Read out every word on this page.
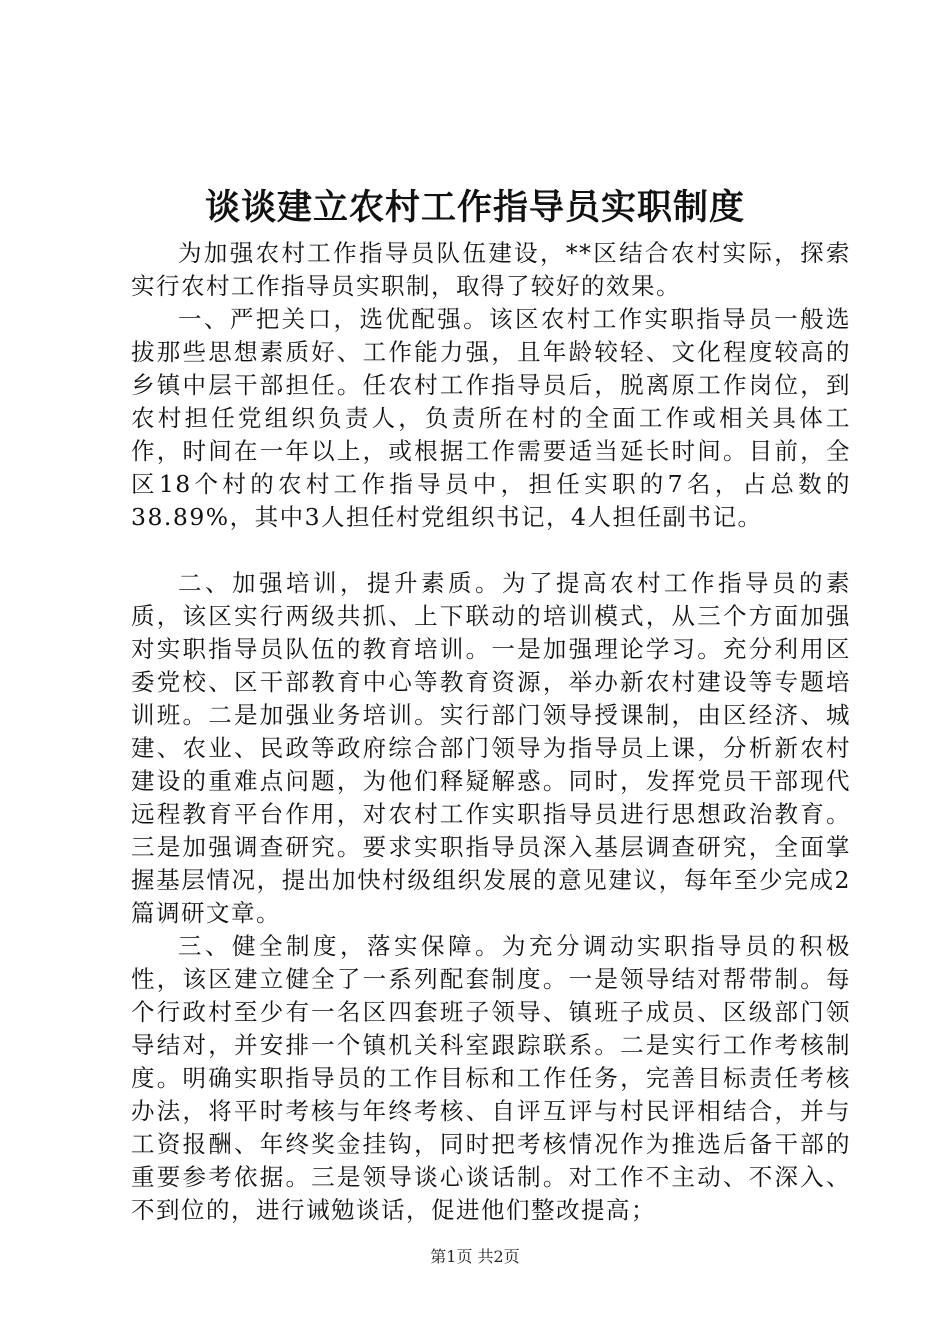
谈谈建立农村工作指导员实职制度

为加强农村工作指导员队伍建设，**区结合农村实际，探索实行农村工作指导员实职制，取得了较好的效果。

一、严把关口，选优配强。该区农村工作实职指导员一般选拔那些思想素质好、工作能力强，且年龄较轻、文化程度较高的乡镇中层干部担任。任农村工作指导员后，脱离原工作岗位，到农村担任党组织负责人，负责所在村的全面工作或相关具体工作，时间在一年以上，或根据工作需要适当延长时间。目前，全区18个村的农村工作指导员中，担任实职的7名，占总数的38.89%，其中3人担任村党组织书记，4人担任副书记。

二、加强培训，提升素质。为了提高农村工作指导员的素质，该区实行两级共抓、上下联动的培训模式，从三个方面加强对实职指导员队伍的教育培训。一是加强理论学习。充分利用区委党校、区干部教育中心等教育资源，举办新农村建设等专题培训班。二是加强业务培训。实行部门领导授课制，由区经济、城建、农业、民政等政府综合部门领导为指导员上课，分析新农村建设的重难点问题，为他们释疑解惑。同时，发挥党员干部现代远程教育平台作用，对农村工作实职指导员进行思想政治教育。三是加强调查研究。要求实职指导员深入基层调查研究，全面掌握基层情况，提出加快村级组织发展的意见建议，每年至少完成2篇调研文章。

三、健全制度，落实保障。为充分调动实职指导员的积极性，该区建立健全了一系列配套制度。一是领导结对帮带制。每个行政村至少有一名区四套班子领导、镇班子成员、区级部门领导结对，并安排一个镇机关科室跟踪联系。二是实行工作考核制度。明确实职指导员的工作目标和工作任务，完善目标责任考核办法，将平时考核与年终考核、自评互评与村民评相结合，并与工资报酬、年终奖金挂钩，同时把考核情况作为推选后备干部的重要参考依据。三是领导谈心谈话制。对工作不主动、不深入、不到位的，进行诫勉谈话，促进他们整改提高；

第1页 共2页
